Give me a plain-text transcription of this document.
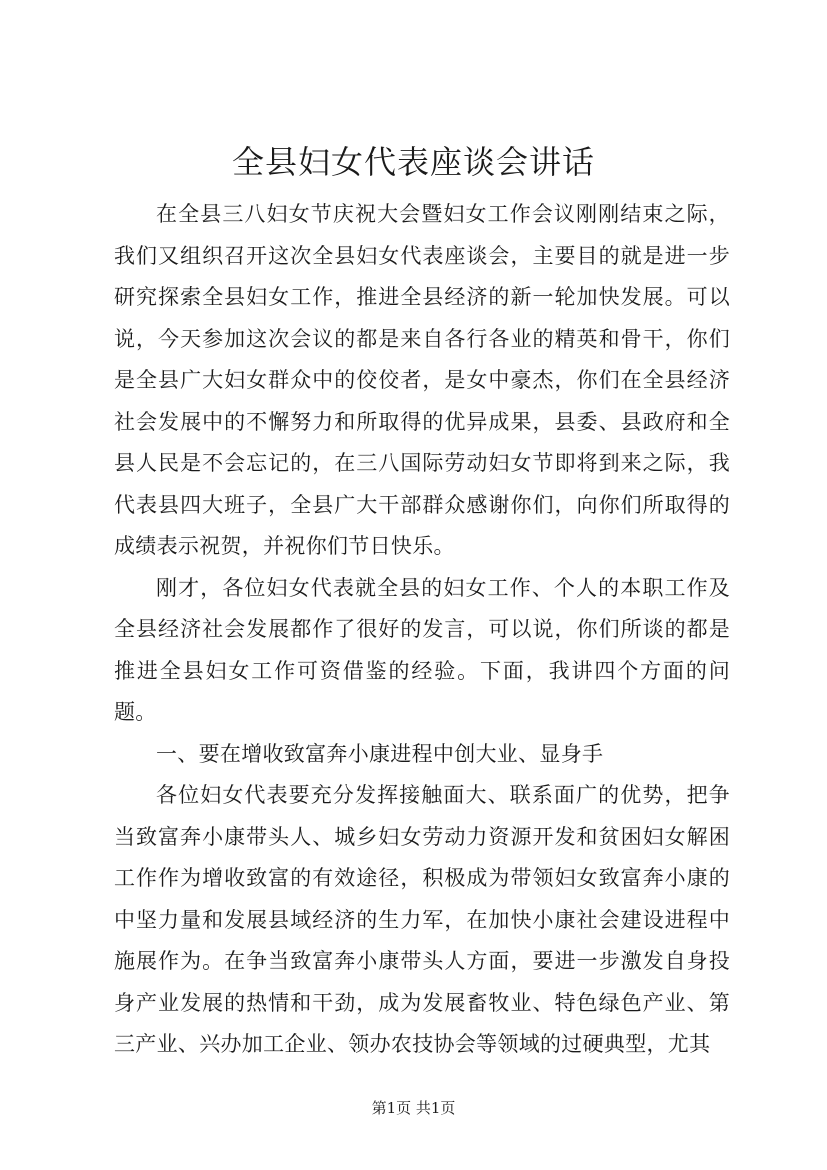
全县妇女代表座谈会讲话

在全县三八妇女节庆祝大会暨妇女工作会议刚刚结束之际，我们又组织召开这次全县妇女代表座谈会，主要目的就是进一步研究探索全县妇女工作，推进全县经济的新一轮加快发展。可以说，今天参加这次会议的都是来自各行各业的精英和骨干，你们是全县广大妇女群众中的佼佼者，是女中豪杰，你们在全县经济社会发展中的不懈努力和所取得的优异成果，县委、县政府和全县人民是不会忘记的，在三八国际劳动妇女节即将到来之际，我代表县四大班子，全县广大干部群众感谢你们，向你们所取得的成绩表示祝贺，并祝你们节日快乐。

刚才，各位妇女代表就全县的妇女工作、个人的本职工作及全县经济社会发展都作了很好的发言，可以说，你们所谈的都是推进全县妇女工作可资借鉴的经验。下面，我讲四个方面的问题。

一、要在增收致富奔小康进程中创大业、显身手

各位妇女代表要充分发挥接触面大、联系面广的优势，把争当致富奔小康带头人、城乡妇女劳动力资源开发和贫困妇女解困工作作为增收致富的有效途径，积极成为带领妇女致富奔小康的中坚力量和发展县域经济的生力军，在加快小康社会建设进程中施展作为。在争当致富奔小康带头人方面，要进一步激发自身投身产业发展的热情和干劲，成为发展畜牧业、特色绿色产业、第三产业、兴办加工企业、领办农技协会等领域的过硬典型，尤其

第1页 共1页
